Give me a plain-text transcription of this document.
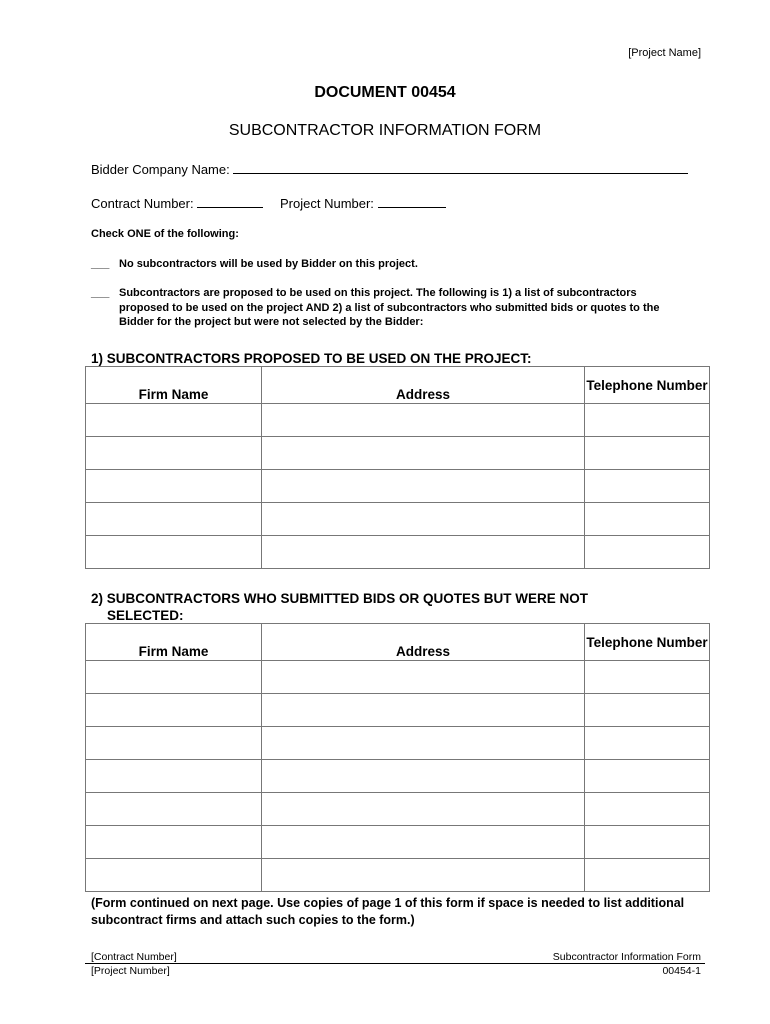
[Project Name]
DOCUMENT 00454
SUBCONTRACTOR INFORMATION FORM
Bidder Company Name:
Contract Number:	Project Number:
Check ONE of the following:
___ No subcontractors will be used by Bidder on this project.
___ Subcontractors are proposed to be used on this project. The following is 1) a list of subcontractors proposed to be used on the project AND 2) a list of subcontractors who submitted bids or quotes to the Bidder for the project but were not selected by the Bidder:
1) SUBCONTRACTORS PROPOSED TO BE USED ON THE PROJECT:
Firm Name	Address	Telephone Number

2) SUBCONTRACTORS WHO SUBMITTED BIDS OR QUOTES BUT WERE NOT
SELECTED:
Firm Name	Address	Telephone Number

(Form continued on next page. Use copies of page 1 of this form if space is needed to list additional subcontract firms and attach such copies to the form.)
[Contract Number]
[Project Number]
Subcontractor Information Form
00454-1
